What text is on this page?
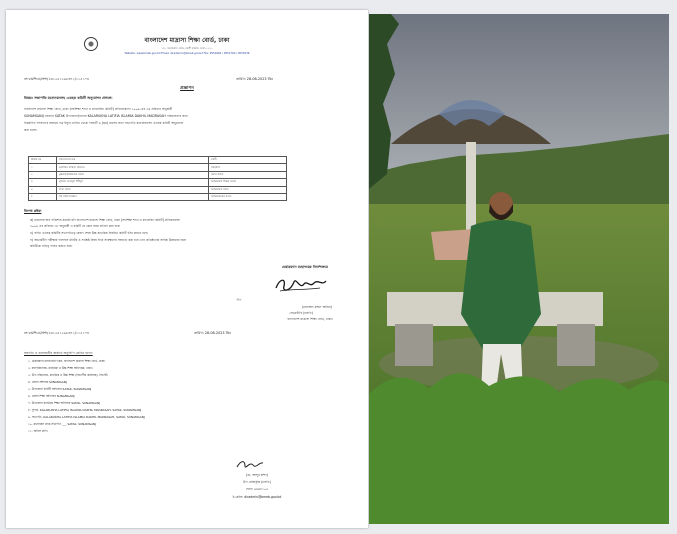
বাংলাদেশ মাদ্রাসা শিক্ষা বোর্ড, ঢাকা
১/১, আরামবাগ রোড, বকশী বাজার, ঢাকা-১২১১
Website: www.bmeb.gov.bd Email: dirademin@bmeb.gov.bd Fax: 9550264 / 9551760 / 9559139
নং বামশিবো/প্রশা/২৩১২৫১২৯৮৩৭১/১১৫১০৪	তারিখ: 28-08-2023 খ্রিঃ
প্রজ্ঞাপন
বিষয়ঃ সভাপতি মনোনয়নসহ এডহক কমিটি অনুমোদন প্রসঙ্গে।
বাংলাদেশ মাদ্রাসা শিক্ষা বোর্ড, ঢাকা (সহশিক্ষা শাখা ও ম্যানেজিং কমিটি) প্রবিধানমালা ২০০৯-এর ৩৬ প্রবিধান অনুযায়ী
SUNAMGANJ জেলার SATAK উপজেলা/থানার KALARUKHA LATIFIA ISLAMIA DAKHIL MADRASAH পরিচালনার জন্য
নিম্নবর্ণিত সদস্যদের সমন্বয়ে পত্র ইস্যুর তারিখ থেকে পরবর্তী ৬ (ছয়) মাসের জন্য সভাপতি মনোনয়নসহ এডহক কমিটি অনুমোদন
করা হলো।
ক্রমিক নং	সদস্যগণের নাম	পদবী
১	মোহাম্মদ বশরুল হোসেন	সভাপতি
২	মুস্তফা/অভিভাবক সদস্য	সদস্য সচিব
৩	মুহাম্মদ আবদুল শহীদুল	অভিভাবক শিক্ষক সদস্য
৪	দাতা সদস্য	অভিভাবক সদস্য
৫	সহ সচিব নিয়োগ	অভিভাবকের সদস্য
বিশেষ দ্রষ্টব্য
ক) মাদ্রাসার অর্থ পরিশোধ করেনি যদি বাংলাদেশ মাদ্রাসা শিক্ষা বোর্ড, ঢাকা (সহশিক্ষা শাখা ও ম্যানেজিং কমিটি) প্রবিধানমালা
২০০৯ এর প্রবিধান ৩৮ অনুযায়ী এ কমিটি যে কোন সময় বাতিল করা হবে।
খ) বর্ণিত এডহক কমিটির সভাপতিত্বে মেয়াদ শেষে উচ্চ মাধ্যমিক নিয়মিত কমিটি গঠন করতে হবে।
গ) অভ্যন্তরীণ পরীক্ষার ফলাফল মনিটর ও সংশ্লিষ্ট বিষয় দিয়ে সংরক্ষণের সহায়তা করা হবে এবং প্রতিষ্ঠানের সার্বিক উন্নয়নের জন্য
কমিটিকে দায়িত্ব পালন করতে হবে।
চেয়ারম্যান মহোদয়ের নির্দেশক্রমে
সীল
(মোহাম্মদ রুহুল আমিন)
সেক্রেটারি (চলতি)
বাংলাদেশ মাদ্রাসা শিক্ষা বোর্ড, ঢাকা।
নং বামশিবো/প্রশা/২৩১২৫১২৯৮৩৭১/১১৫১০৪	তারিখ: 28-08-2023 খ্রিঃ
অবগতি ও প্রয়োজনীয় কার্যার্থে অনুলিপি প্রেরিত হলো:
১. চেয়ারম্যান মহোদয়ের দপ্তর, বাংলাদেশ মাদ্রাসা শিক্ষা বোর্ড, ঢাকা।
২. মহাপরিচালক, মাধ্যমিক ও উচ্চ শিক্ষা অধিদপ্তর, ঢাকা।
৩. উপ-পরিচালক, মাধ্যমিক ও উচ্চ শিক্ষা (বিভাগীয় কার্যালয়), সিলেট।
৪. জেলা প্রশাসক SUNAMGANJ
৫. উপজেলা নির্বাহী অফিসার SATAK, SUNAMGANJ
৬. জেলা শিক্ষা অফিসার SUNAMGANJ
৭. উপজেলা মাধ্যমিক শিক্ষা অফিসার SATAK, SUNAMGANJ
৮. সুপার, KALARUKHA LATIFIA ISLAMIA DAKHIL MADRASAH, SATAK, SUNAMGANJ
৯. সভাপতি, KALARUKHA LATIFIA ISLAMIA DAKHIL MADRASAH, SATAK, SUNAMGANJ
১০. মনোনয়ন প্রাপ্ত সভাপতি ___ SATAK, SUNAMGANJ
১১. অফিস কপি।
(ডা. আব্দুর রশিদ)
উপ রেজিস্ট্রার (চলতি)
ফোন: ৯৬৬৮১০৩
ই-মেইল: diradmin@bmeb.gov.bd
